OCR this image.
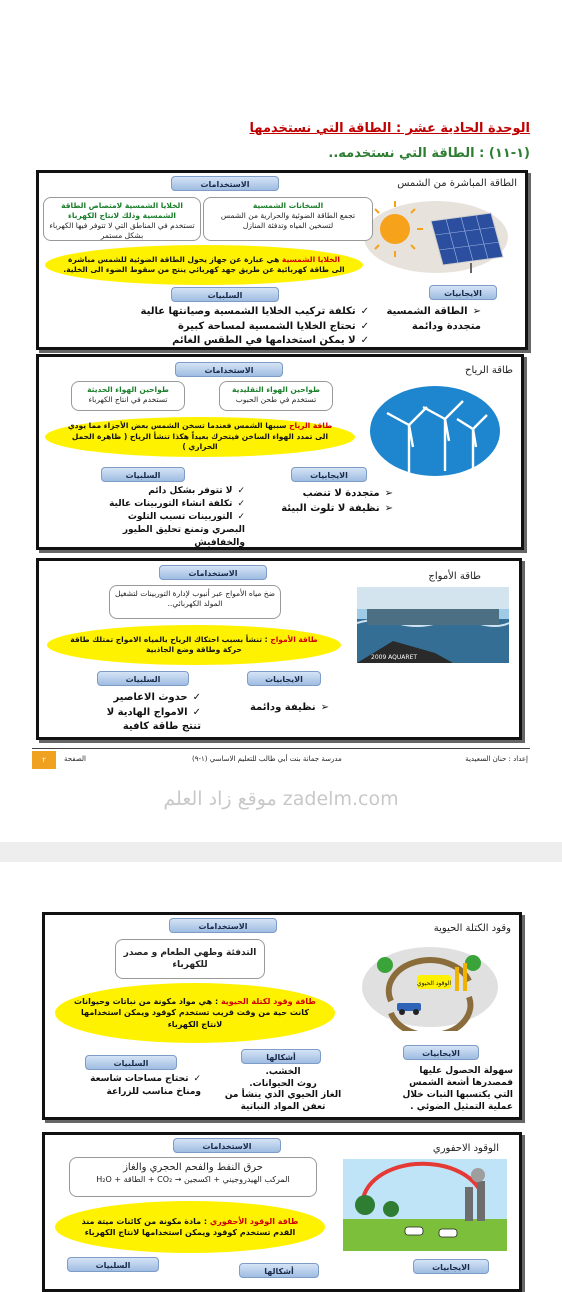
الوحدة الحادية عشر : الطاقة التي نستخدمها
(١-١١) : الطاقة التي نستخدمه..
الطاقة المباشرة من الشمس
الاستخدامات
السخانات الشمسية
تجمع الطاقة الضوئية والحرارية من الشمس لتسخين المياه وتدفئة المنازل
الخلايا الشمسية لامتصاص الطاقة الشمسية وذلك لانتاج الكهرباء
تستخدم في المناطق التي لا تتوفر فيها الكهرباء بشكل مستمر
الخلايا الشمسية هي عبارة عن جهاز يحول الطاقة الضوئية للشمس مباشرة الى طاقة كهربائية عن طريق جهد كهربائي ينتج من سقوط الضوء الى الخلية.
السلبيات	الايجابيات
✓تكلفة تركيب الخلايا الشمسية وصيانتها عالية
✓تحتاج الخلايا الشمسية لمساحة كبيرة
✓لا يمكن استخدامها في الطقس الغائم
➢الطاقة الشمسية متجددة ودائمة
طاقة الرياح
الاستخدامات
طواحين الهواء التقليدية
تستخدم في طحن الحبوب
طواحين الهواء الحديثة
تستخدم في انتاج الكهرباء
طاقة الرياح سببها الشمس فعندما تسخن الشمس بعض الأجزاء مما يودي الى تمدد الهواء الساخن فيتحرك بعيداً هكذا تنشأ الرياح ( ظاهرة الحمل الحراري )
السلبيات	الايجابيات
✓لا تتوفر بشكل دائم
✓تكلفة انشاء التوربينات عالية
✓التوربينات تسبب التلوث البصري وتمنع تحليق الطيور والخفافيش
➢متجددة لا تنضب
➢نظيفة لا تلوث البيئة
طاقة الأمواج
2009 AQUARET
الاستخدامات
ضخ مياه الأمواج عبر أنبوب لإدارة التوربينات لتشغيل المولد الكهربائي..
طاقة الأمواج : تنشأ بسبب احتكاك الرياح بالمياه الامواج تمتلك طاقة حركة وطاقة وضع الجاذبية
السلبيات	الايجابيات
✓حدوث الاعاصير
✓الامواج الهادية لا تنتج طاقة كافية
➢نظيفة ودائمة
٢	الصفحة	مدرسة جمانة بنت أبي طالب للتعليم الاساسي (١-٩)	إعداد : حنان السعيدية
موقع زاد العلم zadelm.com
وقود الكتلة الحيوية
الوقود الحيوي
الاستخدامات
التدفئة وطهي الطعام و مصدر للكهرباء
طاقة وقود لكتلة الحيوية : هي مواد مكونة من نباتات وحيوانات كانت حية من وقت قريب تستخدم كوقود ويمكن استخدامها لانتاج الكهرباء
السلبيات
أشكالها	الايجابيات
✓تحتاج مساحات شاسعة ومناخ مناسب للزراعة
الخشب.
روث الحيوانات.
الغاز الحيوي الذي ينشأ من تعفن المواد النباتية
سهولة الحصول عليها فمصدرها أشعة الشمس التي يكتسبها النبات خلال عملية التمثيل الضوئي .
الوقود الاحفوري
الاستخدامات
حرق النفط والفحم الحجري والغاز
المركب الهيدروجيني + اكسجين → CO₂ + الطاقة + H₂O
طاقة الوقود الأحفوري : مادة مكونة من كائنات ميتة منذ القدم تستخدم كوقود ويمكن استخدامها لانتاج الكهرباء
السلبيات
أشكالها	الايجابيات
